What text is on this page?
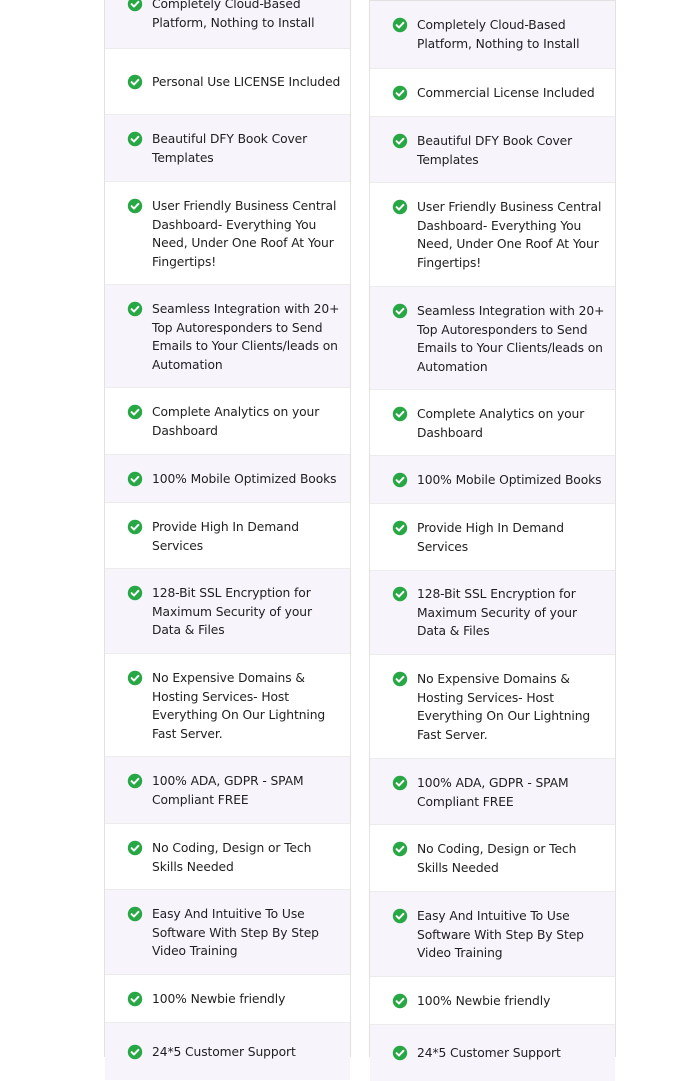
Completely Cloud-Based Platform, Nothing to Install

Personal Use LICENSE Included

Beautiful DFY Book Cover Templates

User Friendly Business Central Dashboard- Everything You Need, Under One Roof At Your Fingertips!

Seamless Integration with 20+ Top Autoresponders to Send Emails to Your Clients/leads on Automation

Complete Analytics on your Dashboard

100% Mobile Optimized Books

Provide High In Demand Services

128-Bit SSL Encryption for Maximum Security of your Data & Files

No Expensive Domains & Hosting Services- Host Everything On Our Lightning Fast Server.

100% ADA, GDPR - SPAM Compliant FREE

No Coding, Design or Tech Skills Needed

Easy And Intuitive To Use Software With Step By Step Video Training

100% Newbie friendly

24*5 Customer Support

Completely Cloud-Based Platform, Nothing to Install

Commercial License Included

Beautiful DFY Book Cover Templates

User Friendly Business Central Dashboard- Everything You Need, Under One Roof At Your Fingertips!

Seamless Integration with 20+ Top Autoresponders to Send Emails to Your Clients/leads on Automation

Complete Analytics on your Dashboard

100% Mobile Optimized Books

Provide High In Demand Services

128-Bit SSL Encryption for Maximum Security of your Data & Files

No Expensive Domains & Hosting Services- Host Everything On Our Lightning Fast Server.

100% ADA, GDPR - SPAM Compliant FREE

No Coding, Design or Tech Skills Needed

Easy And Intuitive To Use Software With Step By Step Video Training

100% Newbie friendly

24*5 Customer Support
